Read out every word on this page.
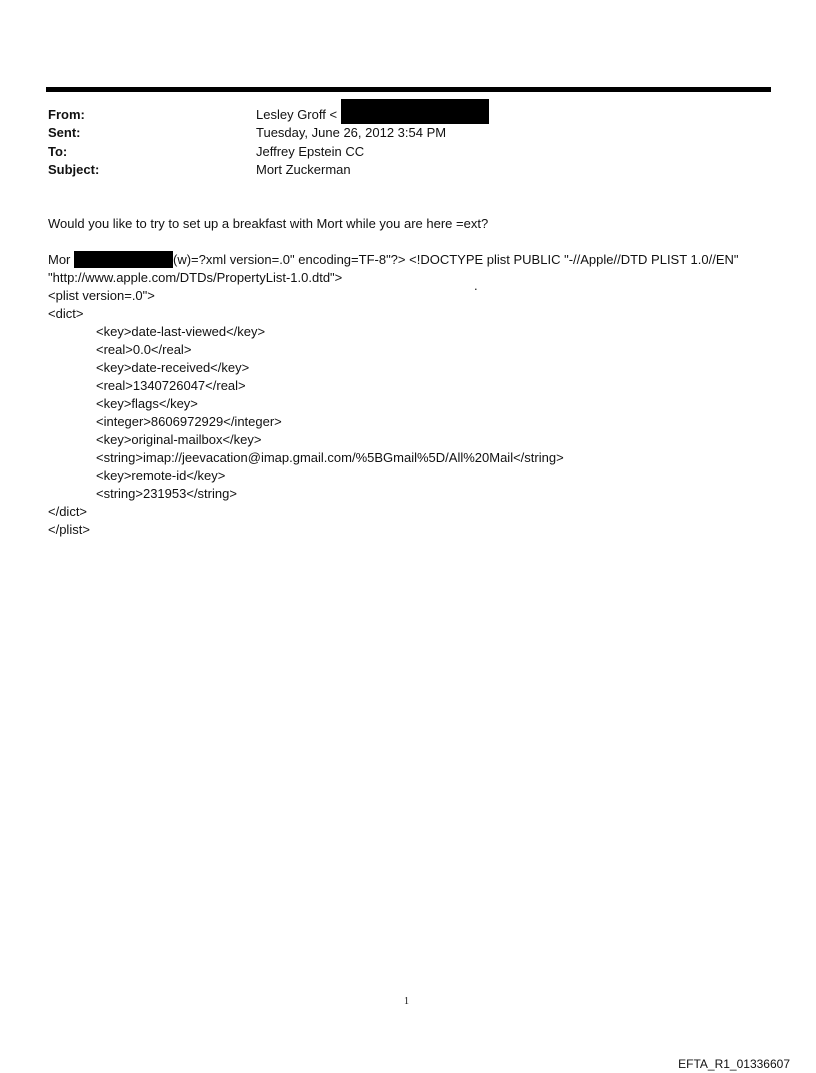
From:	Lesley Groff <
Sent:	Tuesday, June 26, 2012 3:54 PM
To:	Jeffrey Epstein CC
Subject:	Mort Zuckerman
Would you like to try to set up a breakfast with Mort while you are here =ext?
Mor	(w)=?xml version=.0" encoding=TF-8"?> <!DOCTYPE plist PUBLIC "-//Apple//DTD PLIST 1.0//EN"
"http://www.apple.com/DTDs/PropertyList-1.0.dtd">
.
<plist version=.0">
<dict>
<key>date-last-viewed</key>
<real>0.0</real>
<key>date-received</key>
<real>1340726047</real>
<key>flags</key>
<integer>8606972929</integer>
<key>original-mailbox</key>
<string>imap://jeevacation@imap.gmail.com/%5BGmail%5D/All%20Mail</string>
<key>remote-id</key>
<string>231953</string>
</dict>
</plist>
1
EFTA_R1_01336607
